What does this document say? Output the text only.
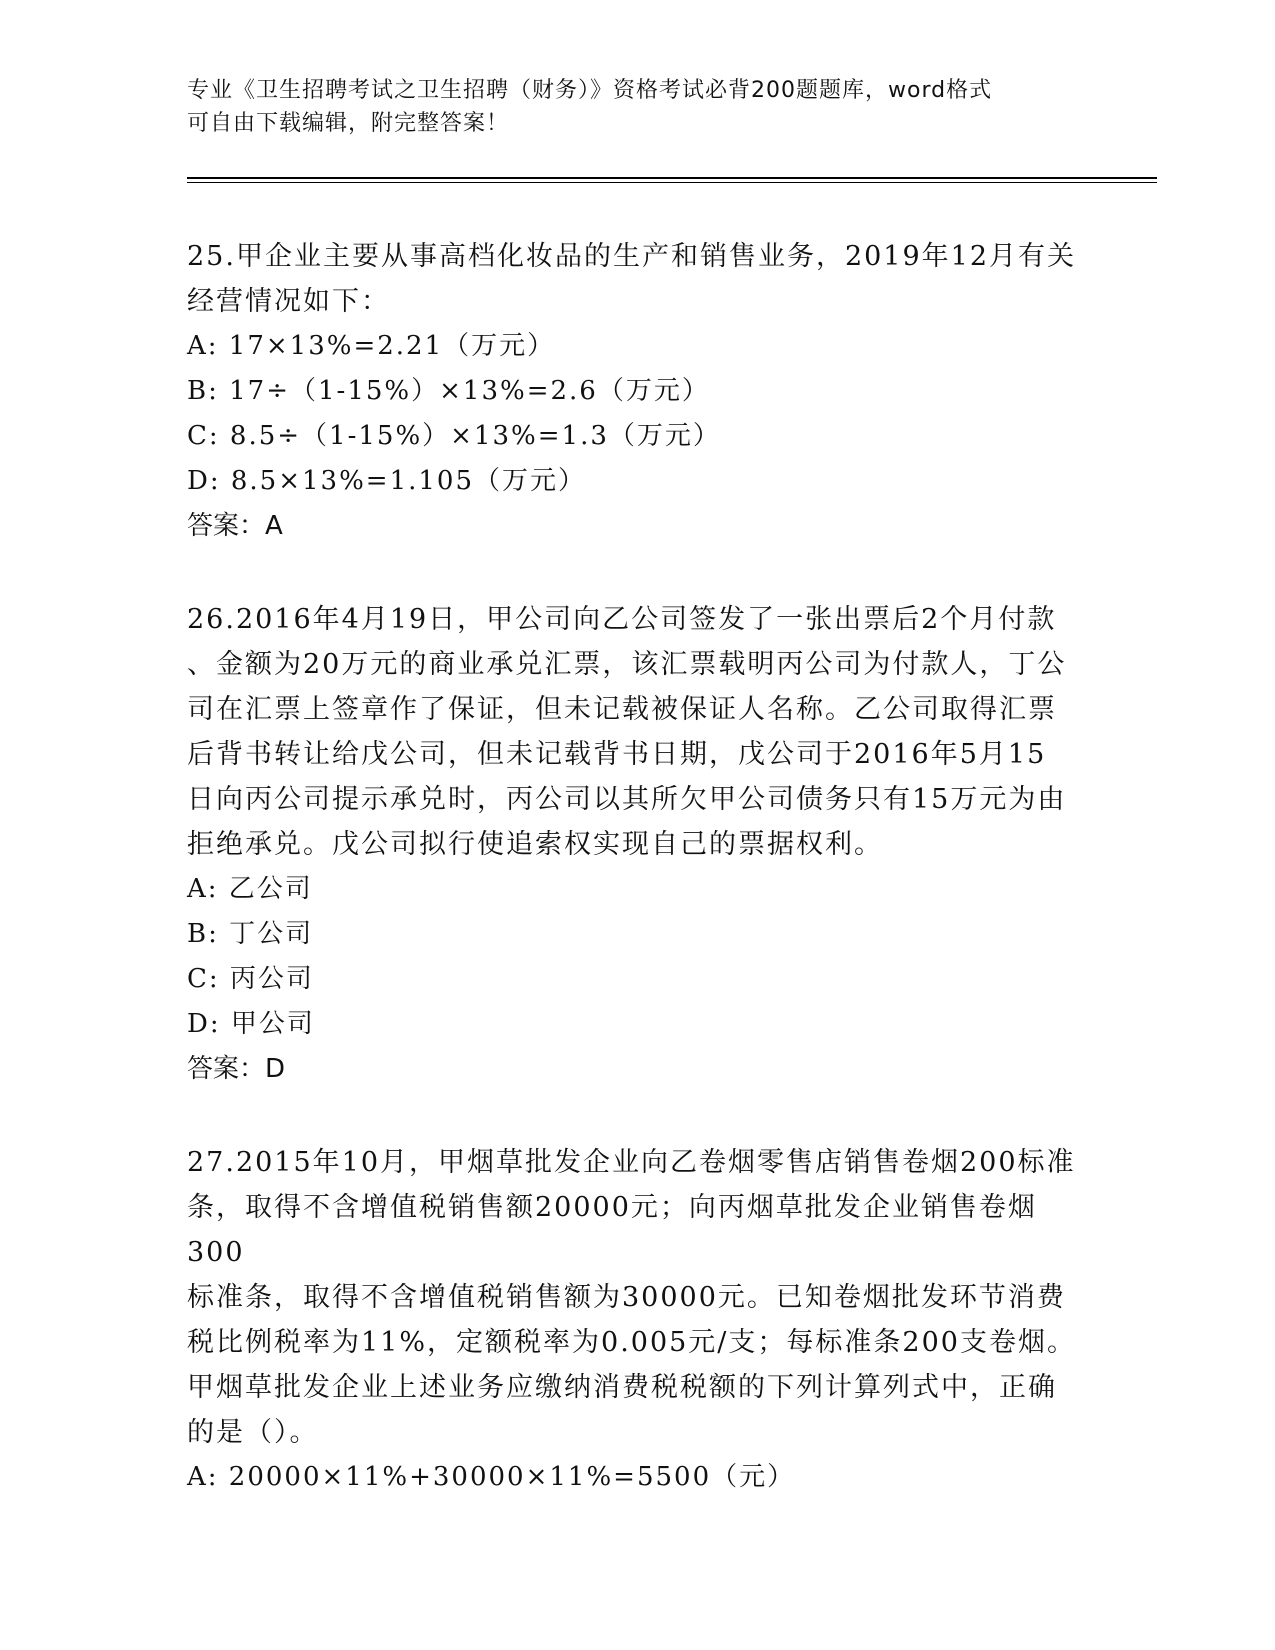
专业《卫生招聘考试之卫生招聘（财务）》资格考试必背200题题库，word格式
可自由下载编辑，附完整答案！
25.甲企业主要从事高档化妆品的生产和销售业务，2019年12月有关
经营情况如下：
A: 17×13%=2.21（万元）
B: 17÷（1-15%）×13%=2.6（万元）
C: 8.5÷（1-15%）×13%=1.3（万元）
D: 8.5×13%=1.105（万元）
答案：A
26.2016年4月19日，甲公司向乙公司签发了一张出票后2个月付款
、金额为20万元的商业承兑汇票，该汇票载明丙公司为付款人，丁公
司在汇票上签章作了保证，但未记载被保证人名称。乙公司取得汇票
后背书转让给戊公司，但未记载背书日期，戊公司于2016年5月15
日向丙公司提示承兑时，丙公司以其所欠甲公司债务只有15万元为由
拒绝承兑。戊公司拟行使追索权实现自己的票据权利。
A: 乙公司
B: 丁公司
C: 丙公司
D: 甲公司
答案：D
27.2015年10月，甲烟草批发企业向乙卷烟零售店销售卷烟200标准
条，取得不含增值税销售额20000元；向丙烟草批发企业销售卷烟300
标准条，取得不含增值税销售额为30000元。已知卷烟批发环节消费
税比例税率为11%，定额税率为0.005元/支；每标准条200支卷烟。
甲烟草批发企业上述业务应缴纳消费税税额的下列计算列式中，正确
的是（）。
A: 20000×11%+30000×11%=5500（元）
